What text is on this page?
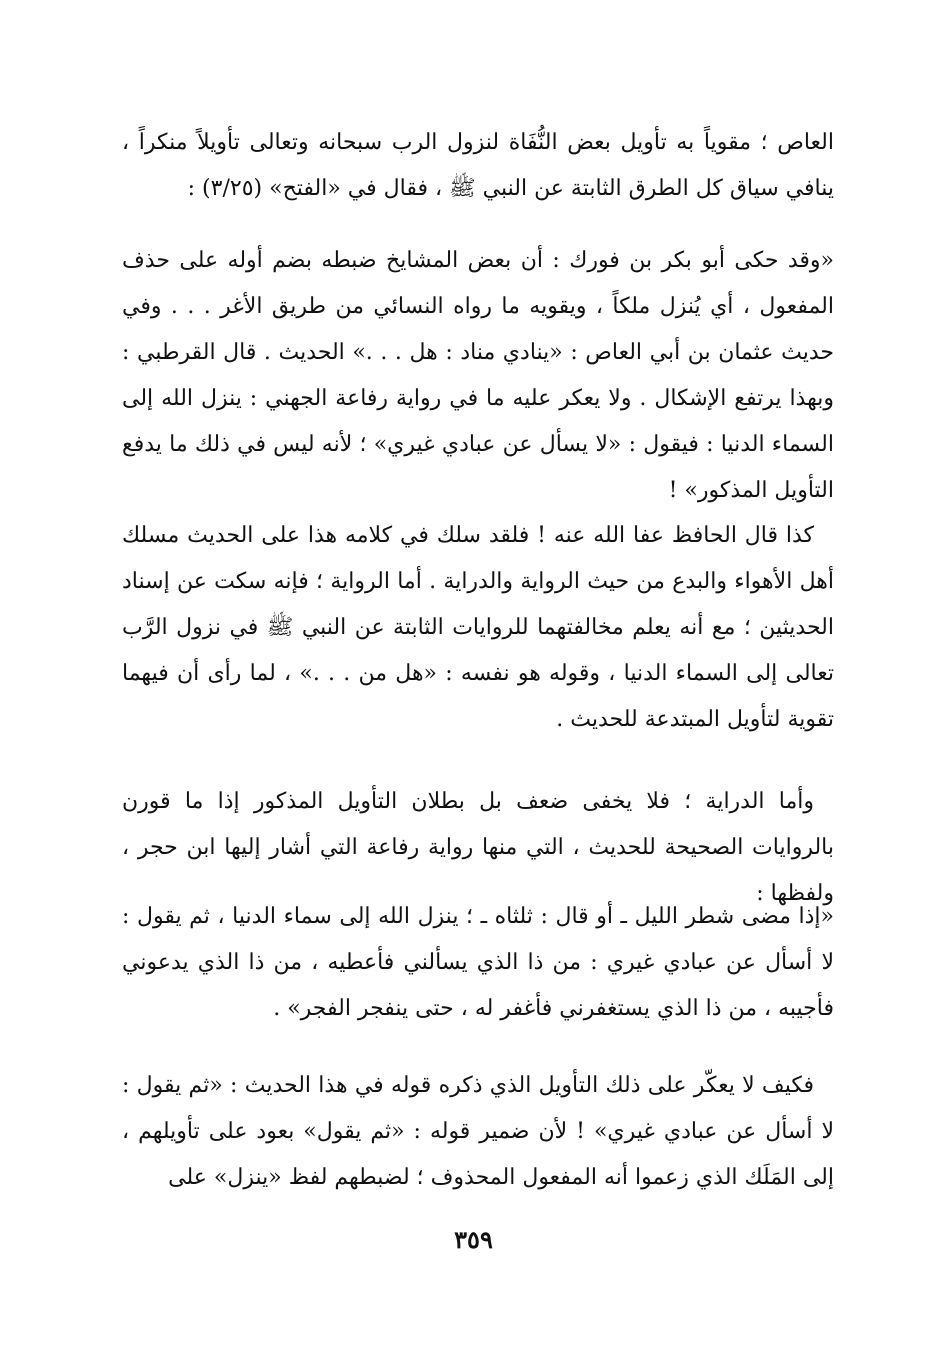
العاص ؛ مقوياً به تأويل بعض النُّفَاة لنزول الرب سبحانه وتعالى تأويلاً منكراً ، ينافي سياق كل الطرق الثابتة عن النبي ﷺ ، فقال في «الفتح» (٣/٢٥) :

«وقد حكى أبو بكر بن فورك : أن بعض المشايخ ضبطه بضم أوله على حذف المفعول ، أي يُنزل ملكاً ، ويقويه ما رواه النسائي من طريق الأغر . . . وفي حديث عثمان بن أبي العاص : «ينادي مناد : هل . . .» الحديث . قال القرطبي : وبهذا يرتفع الإشكال . ولا يعكر عليه ما في رواية رفاعة الجهني : ينزل الله إلى السماء الدنيا : فيقول : «لا يسأل عن عبادي غيري» ؛ لأنه ليس في ذلك ما يدفع التأويل المذكور» !

كذا قال الحافظ عفا الله عنه ! فلقد سلك في كلامه هذا على الحديث مسلك أهل الأهواء والبدع من حيث الرواية والدراية . أما الرواية ؛ فإنه سكت عن إسناد الحديثين ؛ مع أنه يعلم مخالفتهما للروايات الثابتة عن النبي ﷺ في نزول الرَّب تعالى إلى السماء الدنيا ، وقوله هو نفسه : «هل من . . .» ، لما رأى أن فيهما تقوية لتأويل المبتدعة للحديث .

وأما الدراية ؛ فلا يخفى ضعف بل بطلان التأويل المذكور إذا ما قورن بالروايات الصحيحة للحديث ، التي منها رواية رفاعة التي أشار إليها ابن حجر ، ولفظها :

«إذا مضى شطر الليل ـ أو قال : ثلثاه ـ ؛ ينزل الله إلى سماء الدنيا ، ثم يقول : لا أسأل عن عبادي غيري : من ذا الذي يسألني فأعطيه ، من ذا الذي يدعوني فأجيبه ، من ذا الذي يستغفرني فأغفر له ، حتى ينفجر الفجر» .

فكيف لا يعكّر على ذلك التأويل الذي ذكره قوله في هذا الحديث : «ثم يقول : لا أسأل عن عبادي غيري» ! لأن ضمير قوله : «ثم يقول» بعود على تأويلهم ، إلى المَلَك الذي زعموا أنه المفعول المحذوف ؛ لضبطهم لفظ «ينزل» على

٣٥٩
